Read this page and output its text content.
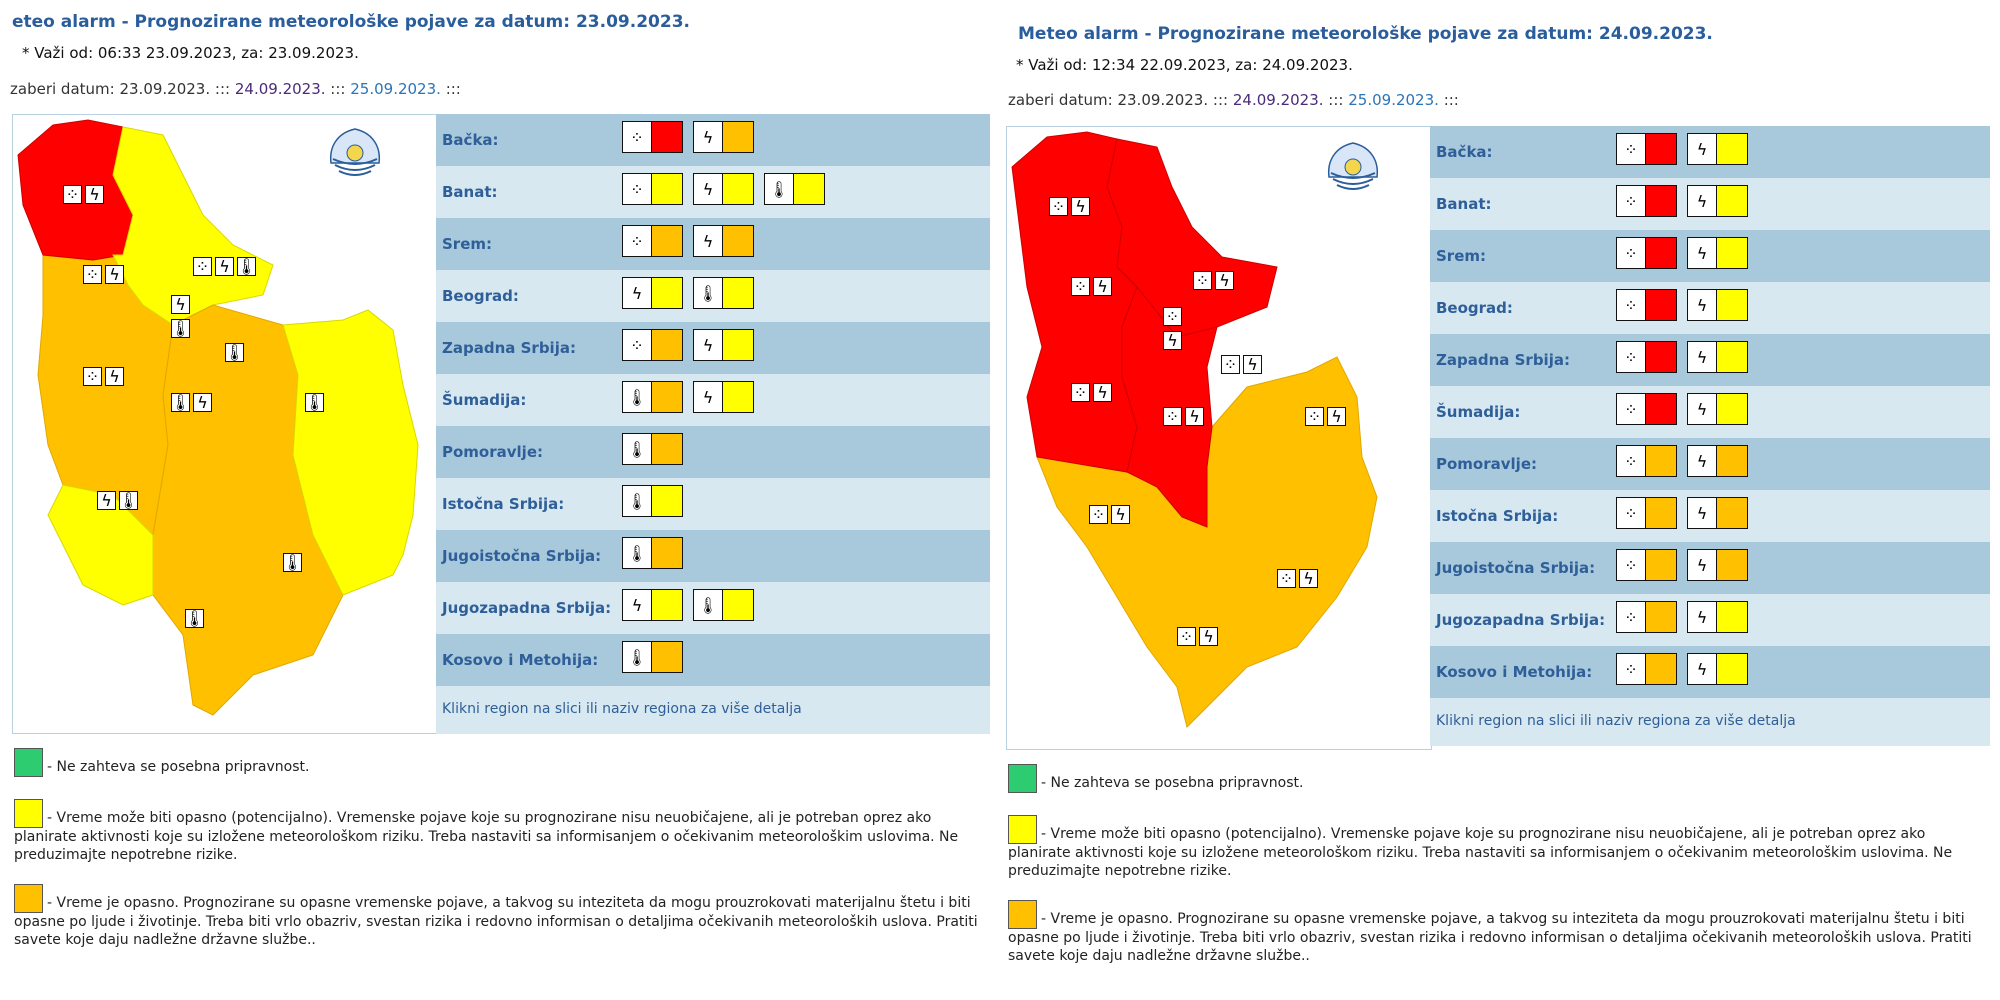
eteo alarm - Prognozirane meteorološke pojave za datum: 23.09.2023.
* Važi od: 06:33 23.09.2023, za: 23.09.2023.
zaberi datum: 23.09.2023. ::: 24.09.2023. ::: 25.09.2023. :::
⁘ ϟ
⁘ ϟ	⁘ ϟ 🌡
ϟ
🌡
🌡
⁘ ϟ
🌡 ϟ	🌡
ϟ 🌡
🌡
🌡
Bačka:	⁘	ϟ
Banat:	⁘	ϟ	🌡
Srem:	⁘	ϟ
Beograd:	ϟ	🌡
Zapadna Srbija:	⁘	ϟ
Šumadija:	🌡	ϟ
Pomoravlje:	🌡
Istočna Srbija:	🌡
Jugoistočna Srbija: 🌡
Jugozapadna Srbija:	ϟ	🌡
Kosovo i Metohija: 🌡
Klikni region na slici ili naziv regiona za više detalja
- Ne zahteva se posebna pripravnost.
- Vreme može biti opasno (potencijalno). Vremenske pojave koje su prognozirane nisu neuobičajene, ali je potreban oprez ako planirate aktivnosti koje su izložene meteorološkom riziku. Treba nastaviti sa informisanjem o očekivanim meteorološkim uslovima. Ne preduzimajte nepotrebne rizike.
- Vreme je opasno. Prognozirane su opasne vremenske pojave, a takvog su inteziteta da mogu prouzrokovati materijalnu štetu i biti opasne po ljude i životinje. Treba biti vrlo obazriv, svestan rizika i redovno informisan o detaljima očekivanih meteoroloških uslova. Pratiti savete koje daju nadležne državne službe..
Meteo alarm - Prognozirane meteorološke pojave za datum: 24.09.2023.
* Važi od: 12:34 22.09.2023, za: 24.09.2023.
zaberi datum: 23.09.2023. ::: 24.09.2023. ::: 25.09.2023. :::
⁘ ϟ
⁘ ϟ	⁘ ϟ
⁘
ϟ
⁘ ϟ
⁘ ϟ
⁘ ϟ	⁘ ϟ
⁘ ϟ
⁘ ϟ
⁘ ϟ
Bačka:	⁘	ϟ
Banat:	⁘	ϟ
Srem:	⁘	ϟ
Beograd:	⁘	ϟ
Zapadna Srbija:	⁘	ϟ
Šumadija:	⁘	ϟ
Pomoravlje:	⁘	ϟ
Istočna Srbija:	⁘	ϟ
Jugoistočna Srbija:	⁘	ϟ
Jugozapadna Srbija:	⁘	ϟ
Kosovo i Metohija:	⁘	ϟ
Klikni region na slici ili naziv regiona za više detalja
- Ne zahteva se posebna pripravnost.
- Vreme može biti opasno (potencijalno). Vremenske pojave koje su prognozirane nisu neuobičajene, ali je potreban oprez ako planirate aktivnosti koje su izložene meteorološkom riziku. Treba nastaviti sa informisanjem o očekivanim meteorološkim uslovima. Ne preduzimajte nepotrebne rizike.
- Vreme je opasno. Prognozirane su opasne vremenske pojave, a takvog su inteziteta da mogu prouzrokovati materijalnu štetu i biti opasne po ljude i životinje. Treba biti vrlo obazriv, svestan rizika i redovno informisan o detaljima očekivanih meteoroloških uslova. Pratiti savete koje daju nadležne državne službe..
